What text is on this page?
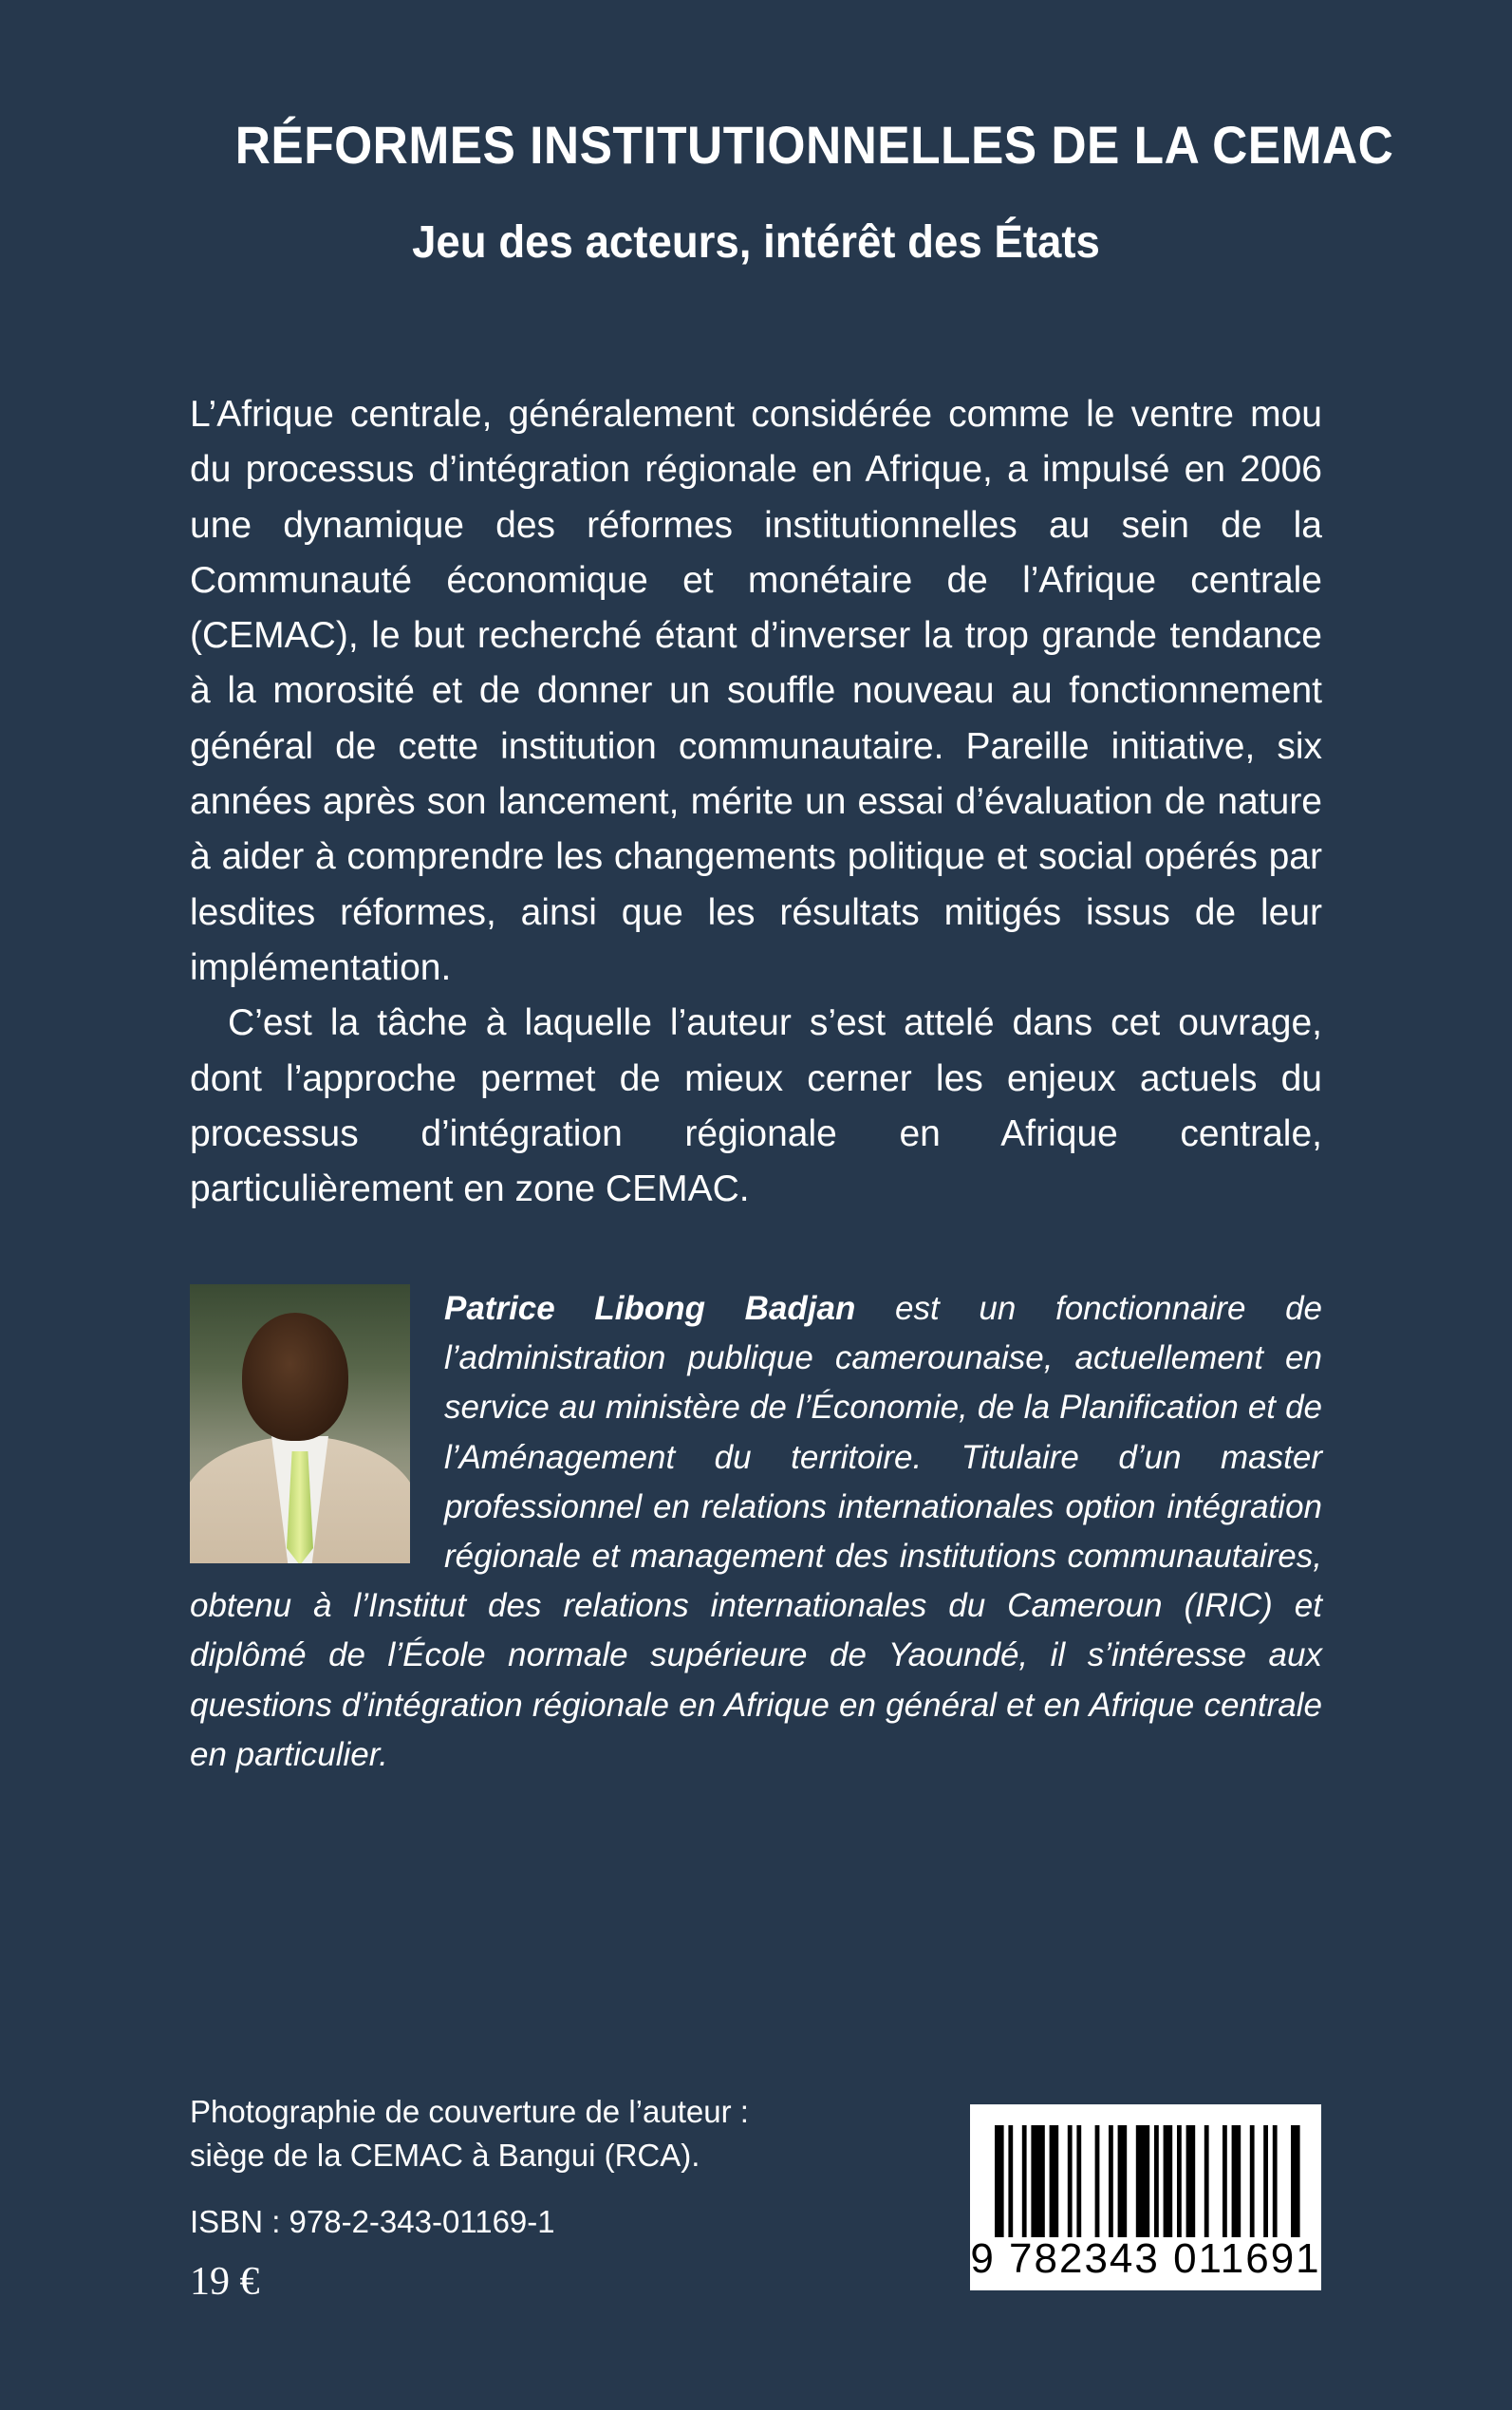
RÉFORMES INSTITUTIONNELLES DE LA CEMAC
Jeu des acteurs, intérêt des États

L’Afrique centrale, généralement considérée comme le ventre mou du processus d’intégration régionale en Afrique, a impulsé en 2006 une dynamique des réformes institutionnelles au sein de la Communauté économique et monétaire de l’Afrique centrale (CEMAC), le but recherché étant d’inverser la trop grande tendance à la morosité et de donner un souffle nouveau au fonctionnement général de cette institution communautaire. Pareille initiative, six années après son lancement, mérite un essai d’évaluation de nature à aider à comprendre les changements politique et social opérés par lesdites réformes, ainsi que les résultats mitigés issus de leur implémentation.

C’est la tâche à laquelle l’auteur s’est attelé dans cet ouvrage, dont l’approche permet de mieux cerner les enjeux actuels du processus d’intégration régionale en Afrique centrale, particulièrement en zone CEMAC.

Patrice Libong Badjan est un fonctionnaire de l’administration publique camerounaise, actuellement en service au ministère de l’Économie, de la Planification et de l’Aménagement du territoire. Titulaire d’un master professionnel en relations internationales option intégration régionale et management des institutions communautaires, obtenu à l’Institut des relations internationales du Cameroun (IRIC) et diplômé de l’École normale supérieure de Yaoundé, il s’intéresse aux questions d’intégration régionale en Afrique en général et en Afrique centrale en particulier.
Photographie de couverture de l’auteur :
siège de la CEMAC à Bangui (RCA).
ISBN : 978-2-343-01169-1
19 €	9 782343 011691
